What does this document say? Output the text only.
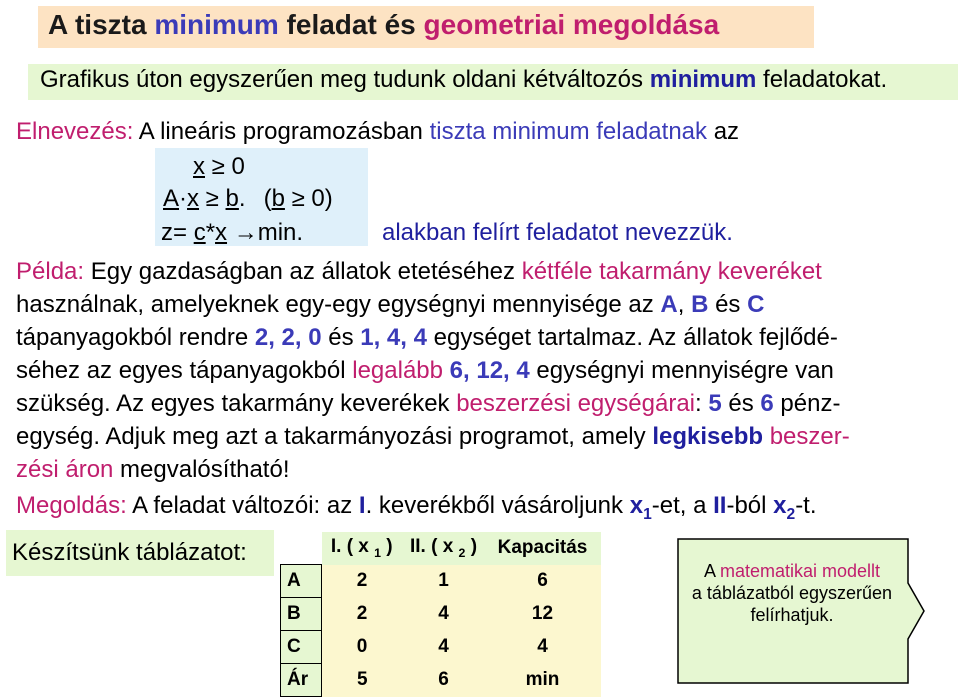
A tiszta minimum feladat és geometriai megoldása
Grafikus úton egyszerűen meg tudunk oldani kétváltozós minimum feladatokat.
Elnevezés: A lineáris programozásban tiszta minimum feladatnak az
x ≥ 0
A·x ≥ b. (b ≥ 0)
z= c*x →min.	alakban felírt feladatot nevezzük.
Példa: Egy gazdaságban az állatok etetéséhez kétféle takarmány keveréket
használnak, amelyeknek egy-egy egységnyi mennyisége az A, B és C
tápanyagokból rendre 2, 2, 0 és 1, 4, 4 egységet tartalmaz. Az állatok fejlődé-
séhez az egyes tápanyagokból legalább 6, 12, 4 egységnyi mennyiségre van
szükség. Az egyes takarmány keverékek beszerzési egységárai: 5 és 6 pénz-
egység. Adjuk meg azt a takarmányozási programot, amely legkisebb beszer-
zési áron megvalósítható!
Megoldás: A feladat változói: az I. keverékből vásároljunk $x_1-et$, a II-ból $x_2-t$.
Készítsünk táblázatot:
		I. ( x $_1$ )	II. ( x $_2$ )	Kapacitás
A	2	1	6
B	2	4	12
C	0	4	4
Ár	5	6	min
A matematikai modellt
a táblázatból egyszerűen felírhatjuk.
